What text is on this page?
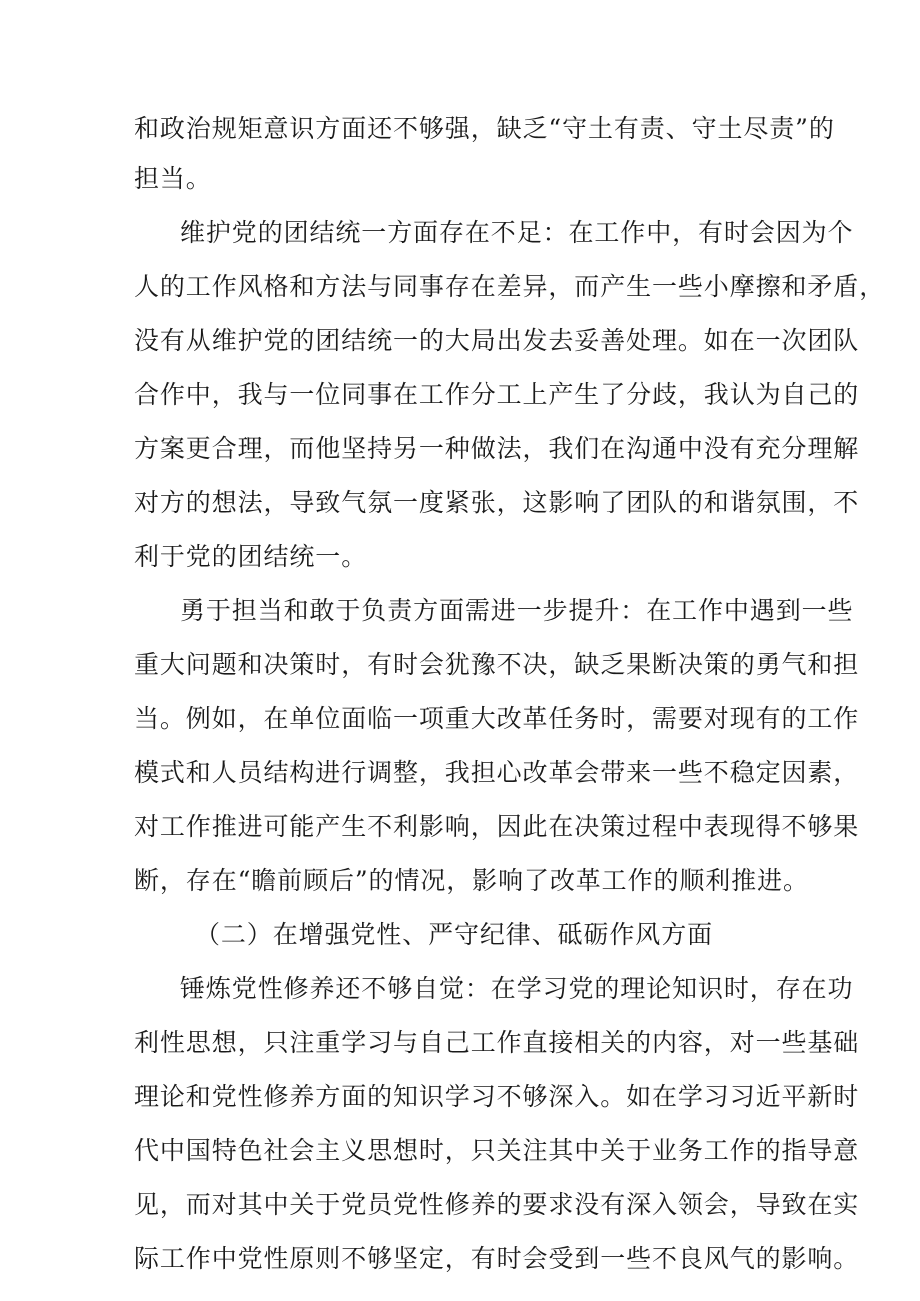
和政治规矩意识方面还不够强，缺乏“守土有责、守土尽责”的
担当。
维护党的团结统一方面存在不足：在工作中，有时会因为个
人的工作风格和方法与同事存在差异，而产生一些小摩擦和矛盾，
没有从维护党的团结统一的大局出发去妥善处理。如在一次团队
合作中，我与一位同事在工作分工上产生了分歧，我认为自己的
方案更合理，而他坚持另一种做法，我们在沟通中没有充分理解
对方的想法，导致气氛一度紧张，这影响了团队的和谐氛围，不
利于党的团结统一。
勇于担当和敢于负责方面需进一步提升：在工作中遇到一些
重大问题和决策时，有时会犹豫不决，缺乏果断决策的勇气和担
当。例如，在单位面临一项重大改革任务时，需要对现有的工作
模式和人员结构进行调整，我担心改革会带来一些不稳定因素，
对工作推进可能产生不利影响，因此在决策过程中表现得不够果
断，存在“瞻前顾后”的情况，影响了改革工作的顺利推进。
（二）在增强党性、严守纪律、砥砺作风方面
锤炼党性修养还不够自觉：在学习党的理论知识时，存在功
利性思想，只注重学习与自己工作直接相关的内容，对一些基础
理论和党性修养方面的知识学习不够深入。如在学习习近平新时
代中国特色社会主义思想时，只关注其中关于业务工作的指导意
见，而对其中关于党员党性修养的要求没有深入领会，导致在实
际工作中党性原则不够坚定，有时会受到一些不良风气的影响。
